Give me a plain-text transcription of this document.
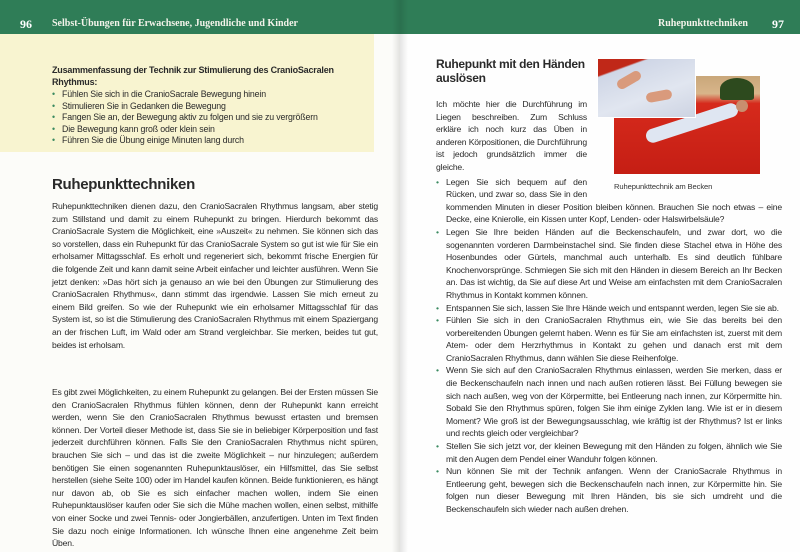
96 Selbst-Übungen für Erwachsene, Jugendliche und Kinder
Zusammenfassung der Technik zur Stimulierung des CranioSacralen Rhythmus:
• Fühlen Sie sich in die CranioSacrale Bewegung hinein
• Stimulieren Sie in Gedanken die Bewegung
• Fangen Sie an, der Bewegung aktiv zu folgen und sie zu vergrößern
• Die Bewegung kann groß oder klein sein
• Führen Sie die Übung einige Minuten lang durch
Ruhepunkttechniken

Ruhepunkttechniken dienen dazu, den CranioSacralen Rhythmus langsam, aber stetig zum Stillstand und damit zu einem Ruhepunkt zu bringen. Hierdurch bekommt das CranioSacrale System die Möglichkeit, eine »Auszeit« zu nehmen. Sie können sich das so vorstellen, dass ein Ruhepunkt für das CranioSacrale System so gut ist wie für Sie ein erholsamer Mittagsschlaf. Es erholt und regeneriert sich, bekommt frische Energien für die folgende Zeit und kann damit seine Arbeit einfacher und leichter ausführen. Wenn Sie jetzt denken: »Das hört sich ja genauso an wie bei den Übungen zur Stimulierung des CranioSacralen Rhythmus«, dann stimmt das irgendwie. Lassen Sie mich erneut zu einem Bild greifen. So wie der Ruhepunkt wie ein erholsamer Mittagsschlaf für das System ist, so ist die Stimulierung des CranioSacralen Rhythmus mit einem Spaziergang an der frischen Luft, im Wald oder am Strand vergleichbar. Sie merken, beides tut gut, beides ist erholsam.

Es gibt zwei Möglichkeiten, zu einem Ruhepunkt zu gelangen. Bei der Ersten müssen Sie den CranioSacralen Rhythmus fühlen können, denn der Ruhepunkt kann erreicht werden, wenn Sie den CranioSacralen Rhythmus bewusst ertasten und bremsen können. Der Vorteil dieser Methode ist, dass Sie sie in beliebiger Körperposition und fast jederzeit durchführen können. Falls Sie den CranioSacralen Rhythmus nicht spüren, brauchen Sie sich – und das ist die zweite Möglichkeit – nur hinzulegen; außerdem benötigen Sie einen sogenannten Ruhepunktauslöser, ein Hilfsmittel, das Sie selbst herstellen (siehe Seite 100) oder im Handel kaufen können. Beide funktionieren, es hängt nur davon ab, ob Sie es sich einfacher machen wollen, indem Sie einen Ruhepunktauslöser kaufen oder Sie sich die Mühe machen wollen, einen selbst, mithilfe von einer Socke und zwei Tennis- oder Jongierbällen, anzufertigen. Unten im Text finden Sie dazu noch einige Informationen. Ich wünsche Ihnen eine angenehme Zeit beim Üben.

Ruhepunkttechniken 97
Ruhepunkttechnik am Becken
Ruhepunkt mit den Händen auslösen

Ich möchte hier die Durchführung im Liegen beschreiben. Zum Schluss erkläre ich noch kurz das Üben in anderen Körpositionen, die Durchführung ist jedoch grundsätzlich immer die gleiche.

• Legen Sie sich bequem auf den Rücken, und zwar so, dass Sie in den kommenden Minuten in dieser Position bleiben können. Brauchen Sie noch etwas – eine Decke, eine Knierolle, ein Kissen unter Kopf, Lenden- oder Halswirbelsäule?
• Legen Sie Ihre beiden Händen auf die Beckenschaufeln, und zwar dort, wo die sogenannten vorderen Darmbeinstachel sind. Sie finden diese Stachel etwa in Höhe des Hosenbundes oder Gürtels, manchmal auch unterhalb. Es sind deutlich fühlbare Knochenvorsprünge. Schmiegen Sie sich mit den Händen in diesem Bereich an Ihr Becken an. Das ist wichtig, da Sie auf diese Art und Weise am einfachsten mit dem CranioSacralen Rhythmus in Kontakt kommen können.
• Entspannen Sie sich, lassen Sie Ihre Hände weich und entspannt werden, legen Sie sie ab.
• Fühlen Sie sich in den CranioSacralen Rhythmus ein, wie Sie das bereits bei den vorbereitenden Übungen gelernt haben. Wenn es für Sie am einfachsten ist, zuerst mit dem Atem- oder dem Herzrhythmus in Kontakt zu gehen und danach erst mit dem CranioSacralen Rhythmus, dann wählen Sie diese Reihenfolge.
• Wenn Sie sich auf den CranioSacralen Rhythmus einlassen, werden Sie merken, dass er die Beckenschaufeln nach innen und nach außen rotieren lässt. Bei Füllung bewegen sie sich nach außen, weg von der Körpermitte, bei Entleerung nach innen, zur Körpermitte hin. Sobald Sie den Rhythmus spüren, folgen Sie ihm einige Zyklen lang. Wie ist er in diesem Moment? Wie groß ist der Bewegungsausschlag, wie kräftig ist der Rhythmus? Ist er links und rechts gleich oder vergleichbar?
• Stellen Sie sich jetzt vor, der kleinen Bewegung mit den Händen zu folgen, ähnlich wie Sie mit den Augen dem Pendel einer Wanduhr folgen können.
• Nun können Sie mit der Technik anfangen. Wenn der CranioSacrale Rhythmus in Entleerung geht, bewegen sich die Beckenschaufeln nach innen, zur Körpermitte hin. Sie folgen nun dieser Bewegung mit Ihren Händen, bis sie sich umdreht und die Beckenschaufeln sich wieder nach außen drehen.
